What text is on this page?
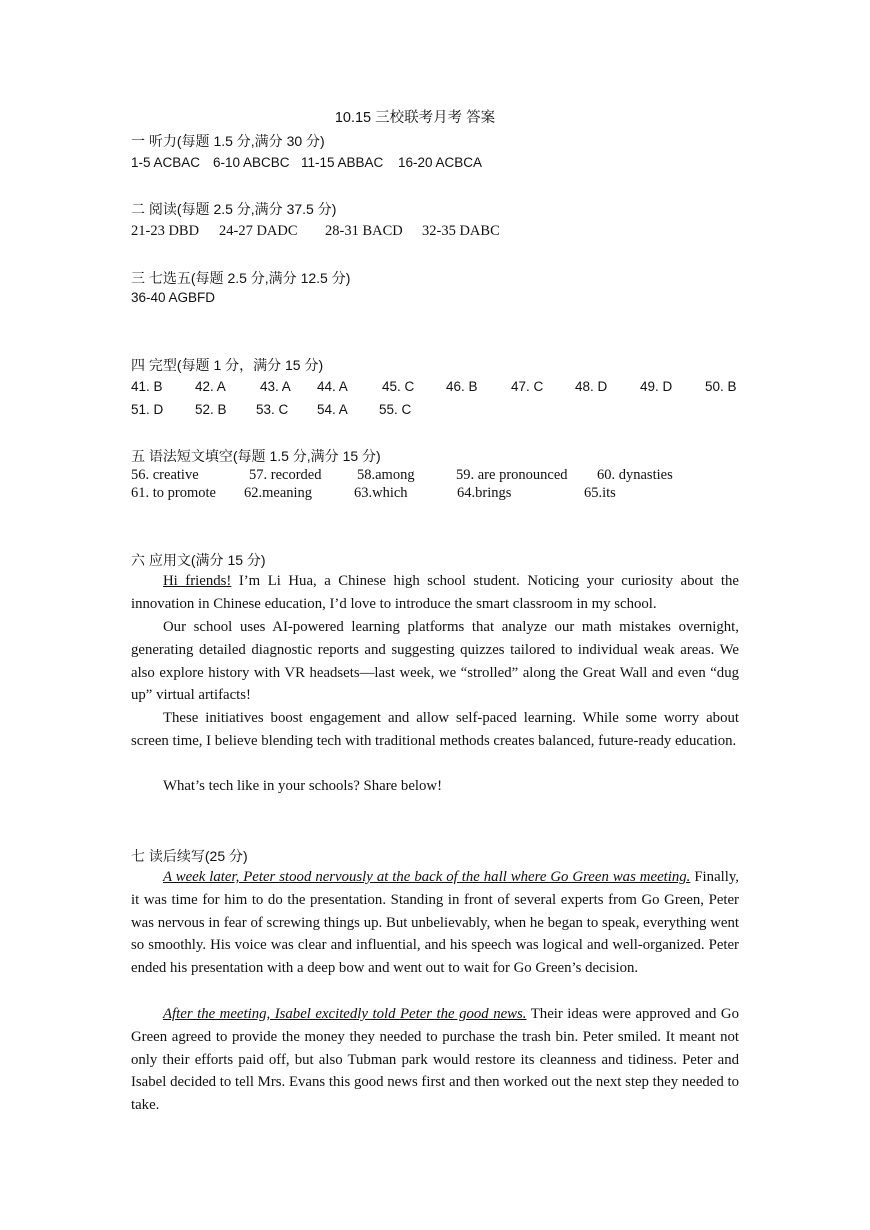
10.15 三校联考月考 答案
一 听力(每题 1.5 分,满分 30 分)
1-5 ACBAC 6-10 ABCBC 11-15 ABBAC 16-20 ACBCA
二 阅读(每题 2.5 分,满分 37.5 分)
21-23 DBD 24-27 DADC 28-31 BACD 32-35 DABC
三 七选五(每题 2.5 分,满分 12.5 分)
36-40 AGBFD
四 完型(每题 1 分，满分 15 分)
41. B 42. A	43. A 44. A	45. C 46. B 47. C 48. D 49. D 50. B
51. D 52. B 53. C 54. A 55. C
五 语法短文填空(每题 1.5 分,满分 15 分)
56. creative	57. recorded 58.among	59. are pronounced 60. dynasties
61. to promote 62.meaning	63.which	64.brings	65.its
六 应用文(满分 15 分)

Hi friends! I’m Li Hua, a Chinese high school student. Noticing your curiosity about the innovation in Chinese education, I’d love to introduce the smart classroom in my school.

Our school uses AI-powered learning platforms that analyze our math mistakes overnight, generating detailed diagnostic reports and suggesting quizzes tailored to individual weak areas. We also explore history with VR headsets—last week, we “strolled” along the Great Wall and even “dug up” virtual artifacts!

These initiatives boost engagement and allow self-paced learning. While some worry about screen time, I believe blending tech with traditional methods creates balanced, future-ready education.

What’s tech like in your schools? Share below!

七 读后续写(25 分)

A week later, Peter stood nervously at the back of the hall where Go Green was meeting. Finally, it was time for him to do the presentation. Standing in front of several experts from Go Green, Peter was nervous in fear of screwing things up. But unbelievably, when he began to speak, everything went so smoothly. His voice was clear and influential, and his speech was logical and well-organized. Peter ended his presentation with a deep bow and went out to wait for Go Green’s decision.

After the meeting, Isabel excitedly told Peter the good news. Their ideas were approved and Go Green agreed to provide the money they needed to purchase the trash bin. Peter smiled. It meant not only their efforts paid off, but also Tubman park would restore its cleanness and tidiness. Peter and Isabel decided to tell Mrs. Evans this good news first and then worked out the next step they needed to take.
